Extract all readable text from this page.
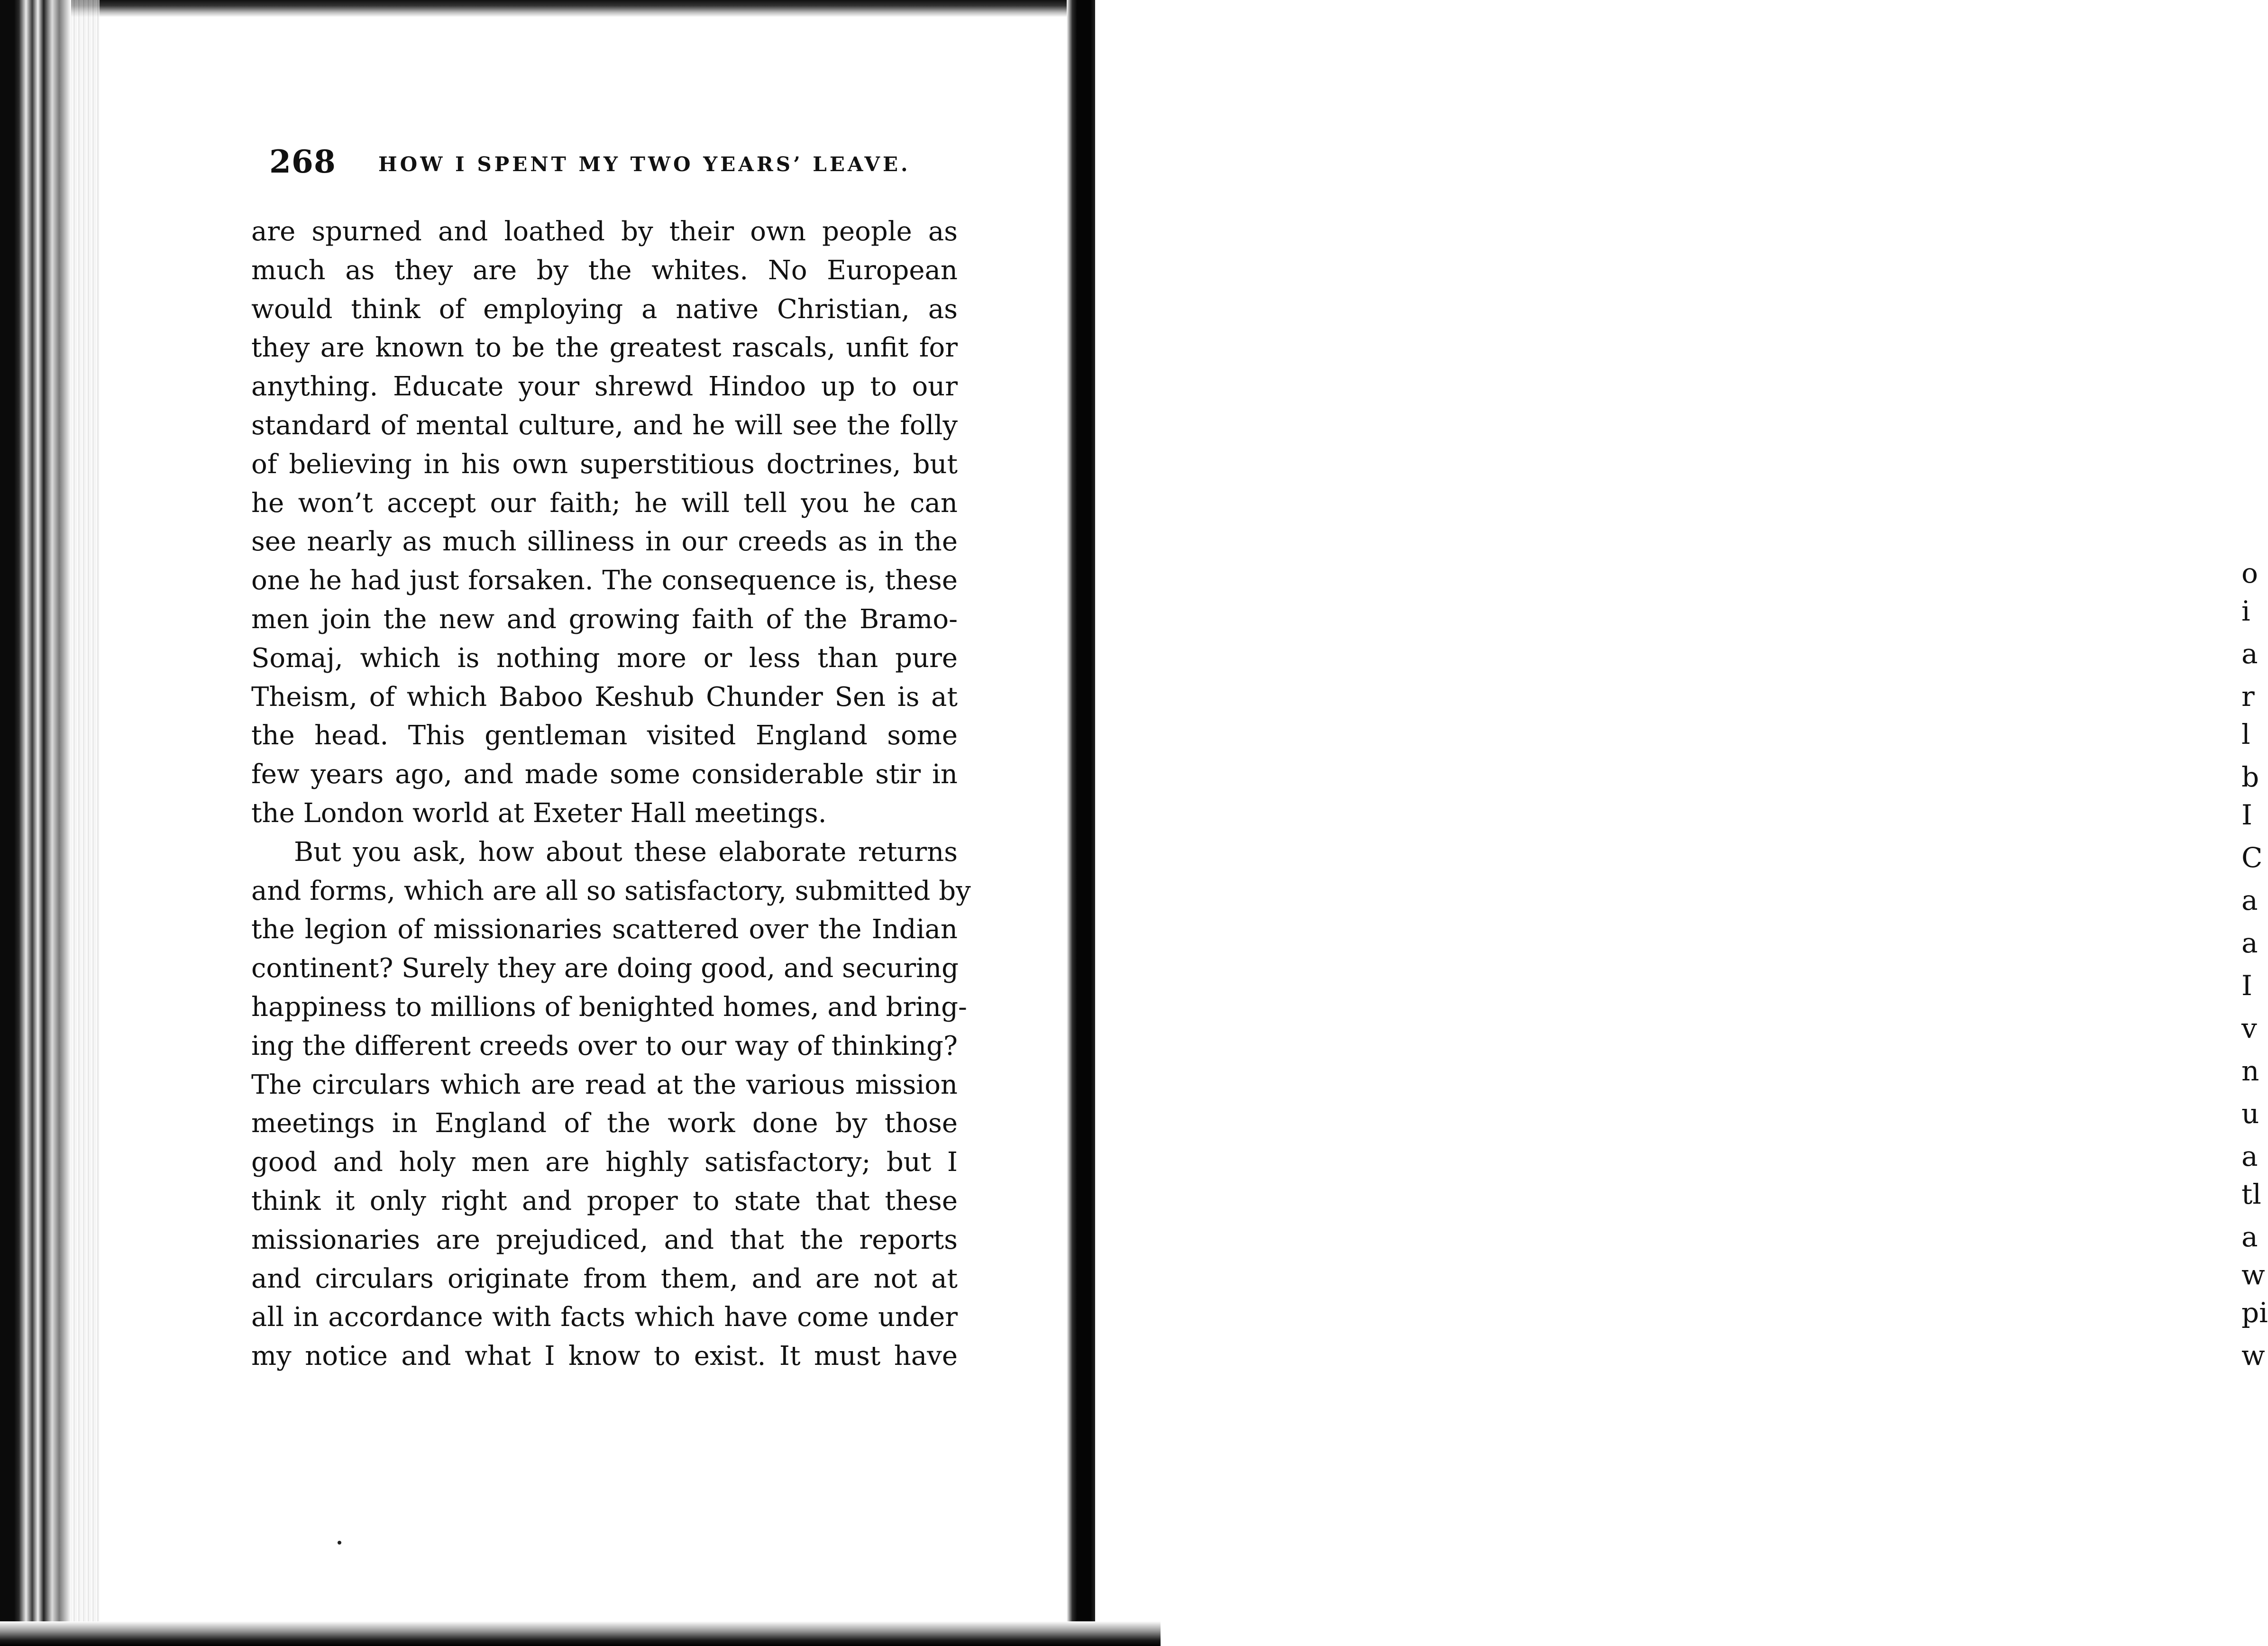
o
i
a
r
l
b
I
C
a
a
I
v
n
u
a
tl
a
w
pi
w
268 HOW I SPENT MY TWO YEARS’ LEAVE.
are spurned and loathed by their own people as
much as they are by the whites. No European
would think of employing a native Christian, as
they are known to be the greatest rascals, unfit for
anything. Educate your shrewd Hindoo up to our
standard of mental culture, and he will see the folly
of believing in his own superstitious doctrines, but
he won’t accept our faith; he will tell you he can
see nearly as much silliness in our creeds as in the
one he had just forsaken. The consequence is, these
men join the new and growing faith of the Bramo-
Somaj, which is nothing more or less than pure
Theism, of which Baboo Keshub Chunder Sen is at
the head. This gentleman visited England some
few years ago, and made some considerable stir in
the London world at Exeter Hall meetings.
But you ask, how about these elaborate returns
and forms, which are all so satisfactory, submitted by
the legion of missionaries scattered over the Indian
continent? Surely they are doing good, and securing
happiness to millions of benighted homes, and bring-
ing the different creeds over to our way of thinking?
The circulars which are read at the various mission
meetings in England of the work done by those
good and holy men are highly satisfactory; but I
think it only right and proper to state that these
missionaries are prejudiced, and that the reports
and circulars originate from them, and are not at
all in accordance with facts which have come under
my notice and what I know to exist. It must have
